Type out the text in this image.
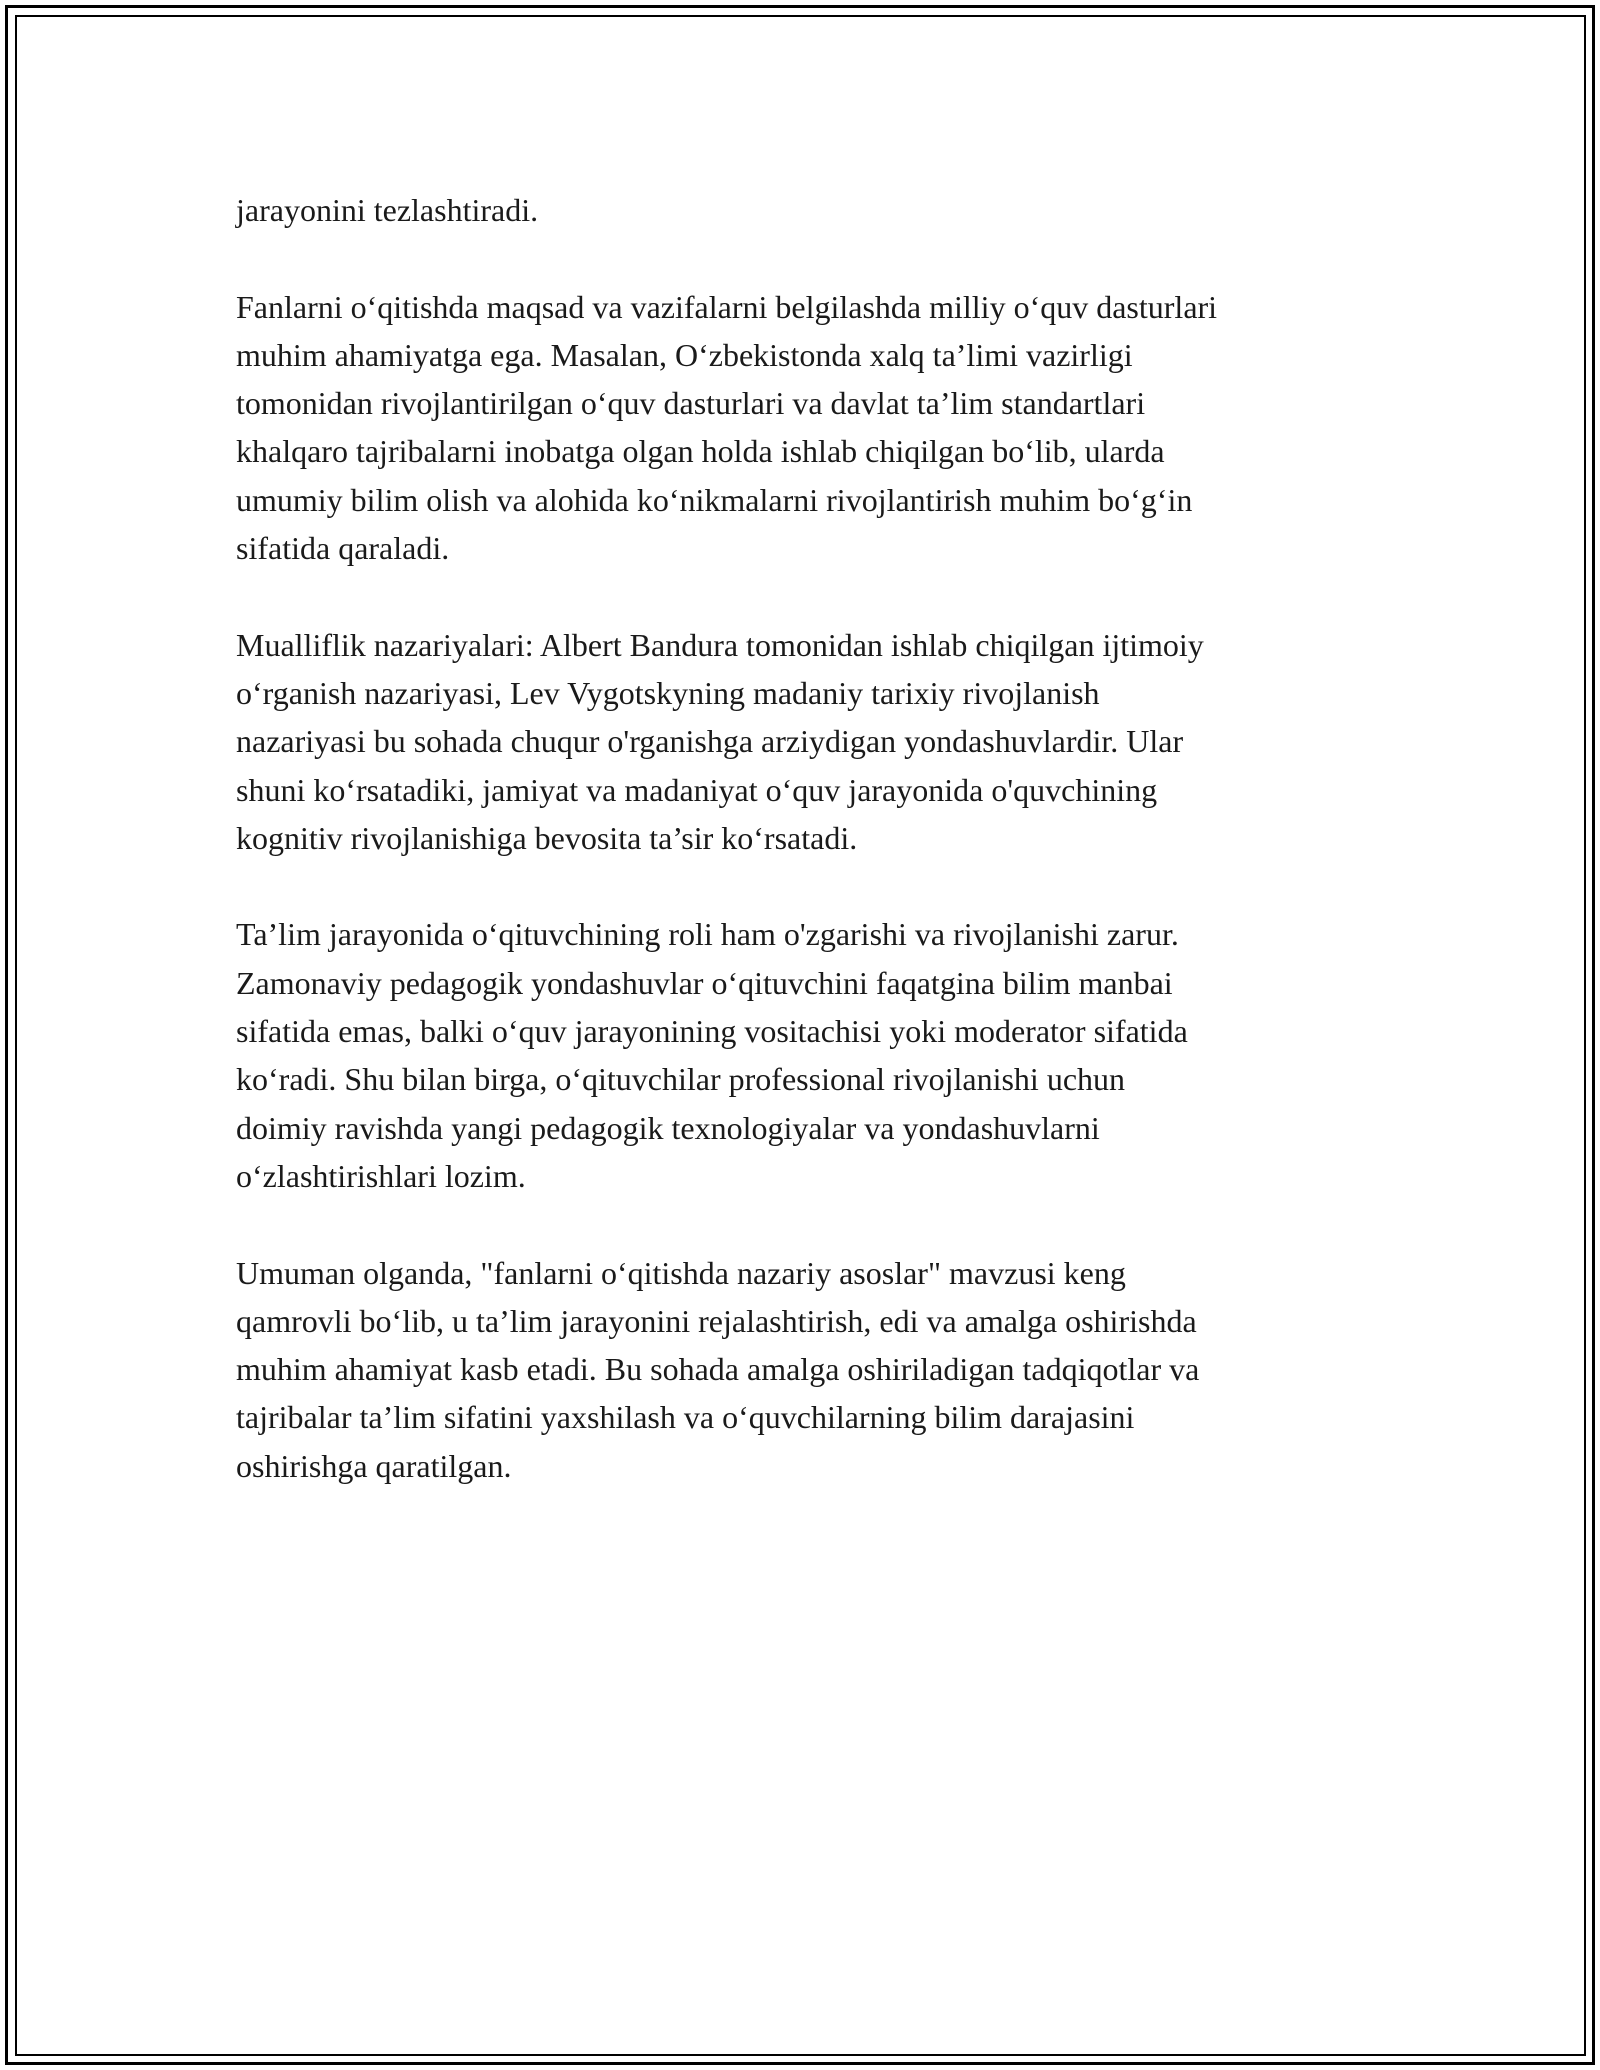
jarayonini tezlashtiradi.

Fanlarni o‘qitishda maqsad va vazifalarni belgilashda milliy o‘quv dasturlari
muhim ahamiyatga ega. Masalan, O‘zbekistonda xalq ta’limi vazirligi
tomonidan rivojlantirilgan o‘quv dasturlari va davlat ta’lim standartlari
khalqaro tajribalarni inobatga olgan holda ishlab chiqilgan bo‘lib, ularda
umumiy bilim olish va alohida ko‘nikmalarni rivojlantirish muhim bo‘g‘in
sifatida qaraladi.

Mualliflik nazariyalari: Albert Bandura tomonidan ishlab chiqilgan ijtimoiy
o‘rganish nazariyasi, Lev Vygotskyning madaniy tarixiy rivojlanish
nazariyasi bu sohada chuqur o'rganishga arziydigan yondashuvlardir. Ular
shuni ko‘rsatadiki, jamiyat va madaniyat o‘quv jarayonida o'quvchining
kognitiv rivojlanishiga bevosita ta’sir ko‘rsatadi.

Ta’lim jarayonida o‘qituvchining roli ham o'zgarishi va rivojlanishi zarur.
Zamonaviy pedagogik yondashuvlar o‘qituvchini faqatgina bilim manbai
sifatida emas, balki o‘quv jarayonining vositachisi yoki moderator sifatida
ko‘radi. Shu bilan birga, o‘qituvchilar professional rivojlanishi uchun
doimiy ravishda yangi pedagogik texnologiyalar va yondashuvlarni
o‘zlashtirishlari lozim.

Umuman olganda, "fanlarni o‘qitishda nazariy asoslar" mavzusi keng
qamrovli bo‘lib, u ta’lim jarayonini rejalashtirish, edi va amalga oshirishda
muhim ahamiyat kasb etadi. Bu sohada amalga oshiriladigan tadqiqotlar va
tajribalar ta’lim sifatini yaxshilash va o‘quvchilarning bilim darajasini
oshirishga qaratilgan.
